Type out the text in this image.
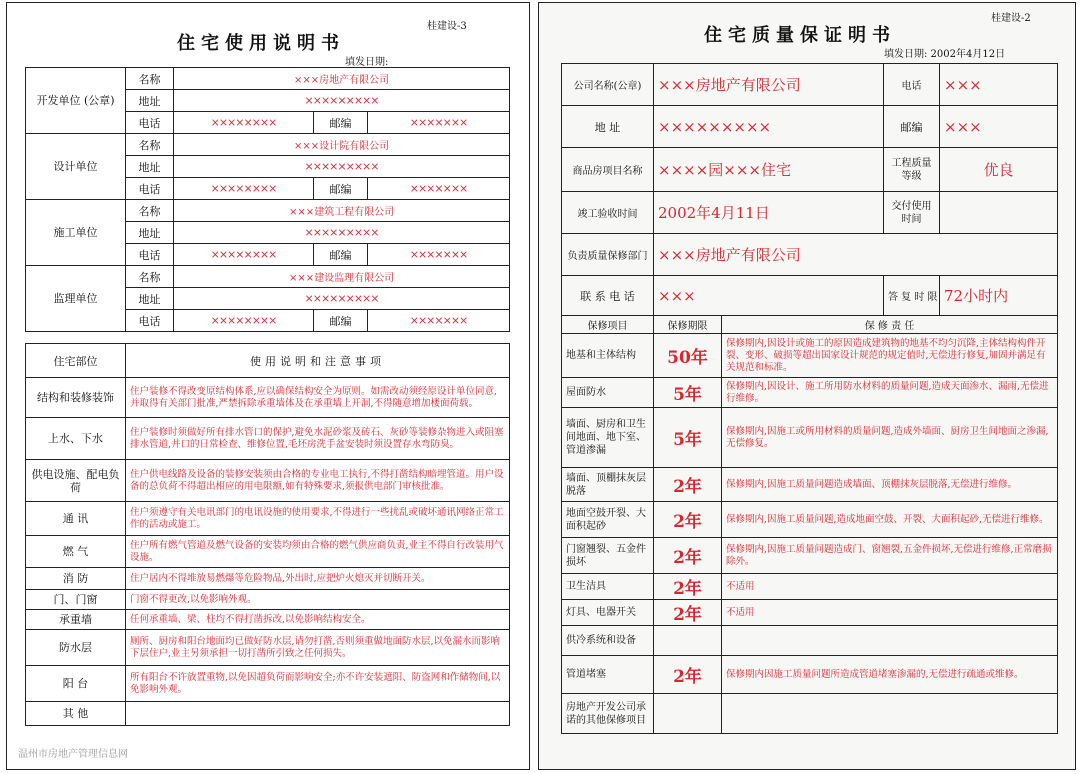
住宅使用说明书
桂建设-3
填发日期:
开发单位 (公章)	名称	×××房地产有限公司		
	地址	×××××××××		
	电话	××××××××	邮编	×××××××
设计单位	名称	×××设计院有限公司		
	地址	×××××××××		
	电话	××××××××	邮编	×××××××
施工单位	名称	×××建筑工程有限公司		
	地址	×××××××××		
	电话	××××××××	邮编	×××××××
监理单位	名称	×××建设监理有限公司		
	地址	×××××××××		
	电话	××××××××	邮编	×××××××
住宅部位	使用说明和注意事项
结构和装修装饰	住户装修不得改变原结构体系,应以确保结构安全为原则。如需改动须经原设计单位同意,并取得有关部门批准,严禁拆除承重墙体及在承重墙上开洞,不得随意增加楼面荷载。
上水、下水	住户装修时须做好所有排水管口的保护,避免水泥砂浆及砖石、灰砂等装修杂物进入或阻塞排水管道,井口的日常检查、维修位置,毛坯房洗手盆安装时须设置存水弯防臭。
供电设施、配电负荷	住户供电线路及设备的装修安装须由合格的专业电工执行,不得打凿结构暗埋管道。用户设备的总负荷不得超出相应的用电限额,如有特殊要求,须报供电部门审核批准。
通 讯	住户须遵守有关电讯部门的电讯设施的使用要求,不得进行一些扰乱或破坏通讯网络正常工作的活动或施工。
燃 气	住户所有燃气管道及燃气设备的安装均须由合格的燃气供应商负责,业主不得自行改装用气设施。
消 防	住户居内不得堆放易燃爆等危险物品,外出时,应把炉火熄灭并切断开关。
门、门窗	门窗不得更改,以免影响外观。
承重墙	任何承重墙、梁、柱均不得打凿拆改,以免影响结构安全。
防水层	厕所、厨房和阳台地面均已做好防水层,请勿打凿,否则须重做地面防水层,以免漏水而影响下层住户,业主另须承担一切打凿所引致之任何损失。
阳 台	所有阳台不许放置重物,以免因超负荷而影响安全;亦不许安装遮阳、防盗网和作储物间,以免影响外观。
其 他	
住宅质量保证明书
桂建设-2
填发日期: 2002年4月12日
公司名称(公章)	×××房地产有限公司	电话	×××
地 址	×××××××××	邮编	×××
商品房项目名称	××××园×××住宅	工程质量等级	优良
竣工验收时间	2002年4月11日	交付使用时间	
负责质量保修部门	×××房地产有限公司		
联 系 电 话	×××	答 复 时 限	72小时内
保修项目	保修期限	保 修 责 任
地基和主体结构	50年	保修期内,因设计或施工的原因造成建筑物的地基不均匀沉降,主体结构构件开裂、变形、破损等超出国家设计规范的规定值时,无偿进行修复,加固并满足有关规范和标准。
屋面防水	5年	保修期内,因设计、施工所用防水材料的质量问题,造成天面渗水、漏雨,无偿进行维修。
墙面、厨房和卫生间地面、地下室、管道渗漏	5年	保修期内,因施工或所用材料的质量问题,造成外墙面、厨房卫生间地面之渗漏,无偿修复。
墙面、顶棚抹灰层脱落	2年	保修期内,因施工质量问题造成墙面、顶棚抹灰层脱落,无偿进行维修。
地面空鼓开裂、大面积起砂	2年	保修期内,因施工质量问题,造成地面空鼓、开裂、大面积起砂,无偿进行维修。
门窗翘裂、五金件损坏	2年	保修期内,因施工质量问题造成门、窗翘裂,五金件损坏,无偿进行维修,正常磨损除外。
卫生洁具	2年	不适用
灯具、电器开关	2年	不适用
供冷系统和设备		
管道堵塞	2年	保修期内因施工质量问题所造成管道堵塞渗漏的,无偿进行疏通或维修。
房地产开发公司承诺的其他保修项目		
温州市房地产管理信息网
